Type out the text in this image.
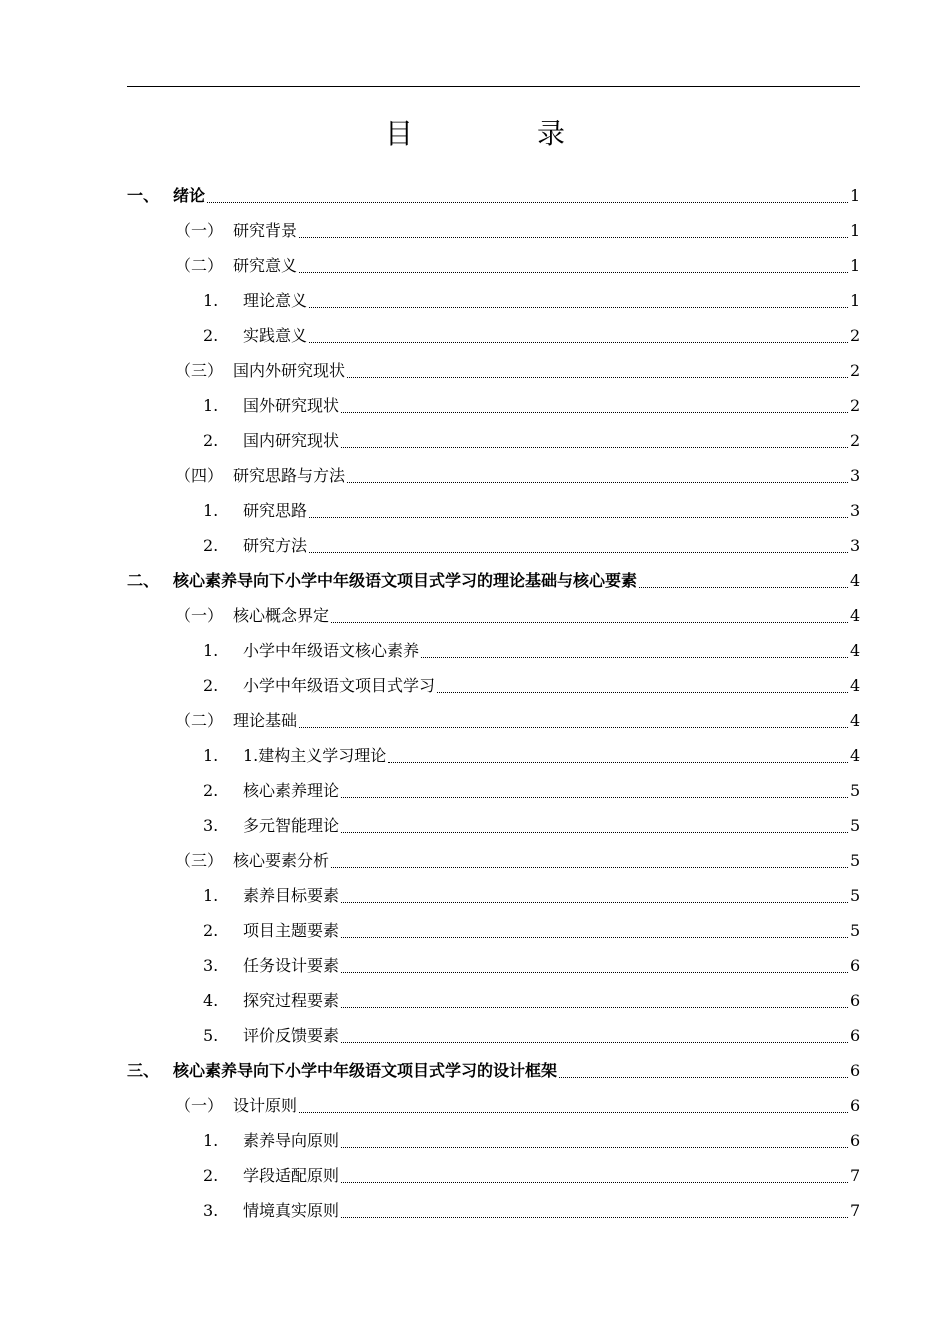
目　录
一、 绪论	1
（一） 研究背景	1
（二） 研究意义	1
1.	理论意义	1
2.	实践意义	2
（三） 国内外研究现状	2
1.	国外研究现状	2
2.	国内研究现状	2
（四） 研究思路与方法	3
1.	研究思路	3
2.	研究方法	3
二、 核心素养导向下小学中年级语文项目式学习的理论基础与核心要素	4
（一） 核心概念界定	4
1.	小学中年级语文核心素养	4
2.	小学中年级语文项目式学习	4
（二） 理论基础	4
1.	1.建构主义学习理论	4
2.	核心素养理论	5
3.	多元智能理论	5
（三） 核心要素分析	5
1.	素养目标要素	5
2.	项目主题要素	5
3.	任务设计要素	6
4.	探究过程要素	6
5.	评价反馈要素	6
三、 核心素养导向下小学中年级语文项目式学习的设计框架	6
（一） 设计原则	6
1.	素养导向原则	6
2.	学段适配原则	7
3.	情境真实原则	7
